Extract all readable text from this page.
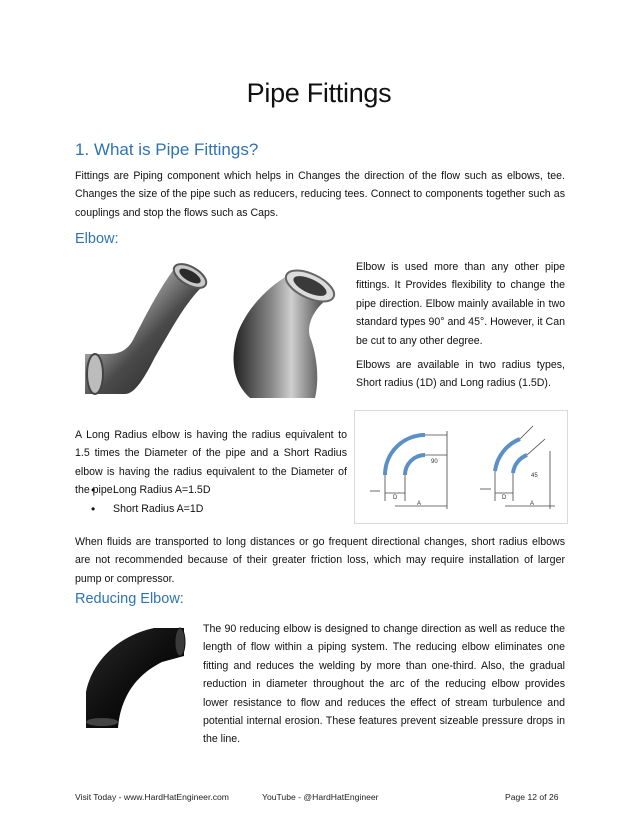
Pipe Fittings
1. What is Pipe Fittings?
Fittings are Piping component which helps in Changes the direction of the flow such as elbows, tee. Changes the size of the pipe such as reducers, reducing tees. Connect to components together such as couplings and stop the flows such as Caps.
Elbow:

Elbow is used more than any other pipe fittings. It Provides flexibility to change the pipe direction. Elbow mainly available in two standard types 90° and 45°. However, it Can be cut to any other degree.

Elbows are available in two radius types, Short radius (1D) and Long radius (1.5D).

A Long Radius elbow is having the radius equivalent to 1.5 times the Diameter of the pipe and a Short Radius elbow is having the radius equivalent to the Diameter of the pipe.
• Long Radius A=1.5D
• Short Radius A=1D	A
D
90
A
D
45
When fluids are transported to long distances or go frequent directional changes, short radius elbows are not recommended because of their greater friction loss, which may require installation of larger pump or compressor.
Reducing Elbow:
The 90 reducing elbow is designed to change direction as well as reduce the length of flow within a piping system. The reducing elbow eliminates one fitting and reduces the welding by more than one-third. Also, the gradual reduction in diameter throughout the arc of the reducing elbow provides lower resistance to flow and reduces the effect of stream turbulence and potential internal erosion. These features prevent sizeable pressure drops in the line.
Visit Today - www.HardHatEngineer.com	YouTube - @HardHatEngineer	Page 12 of 26
